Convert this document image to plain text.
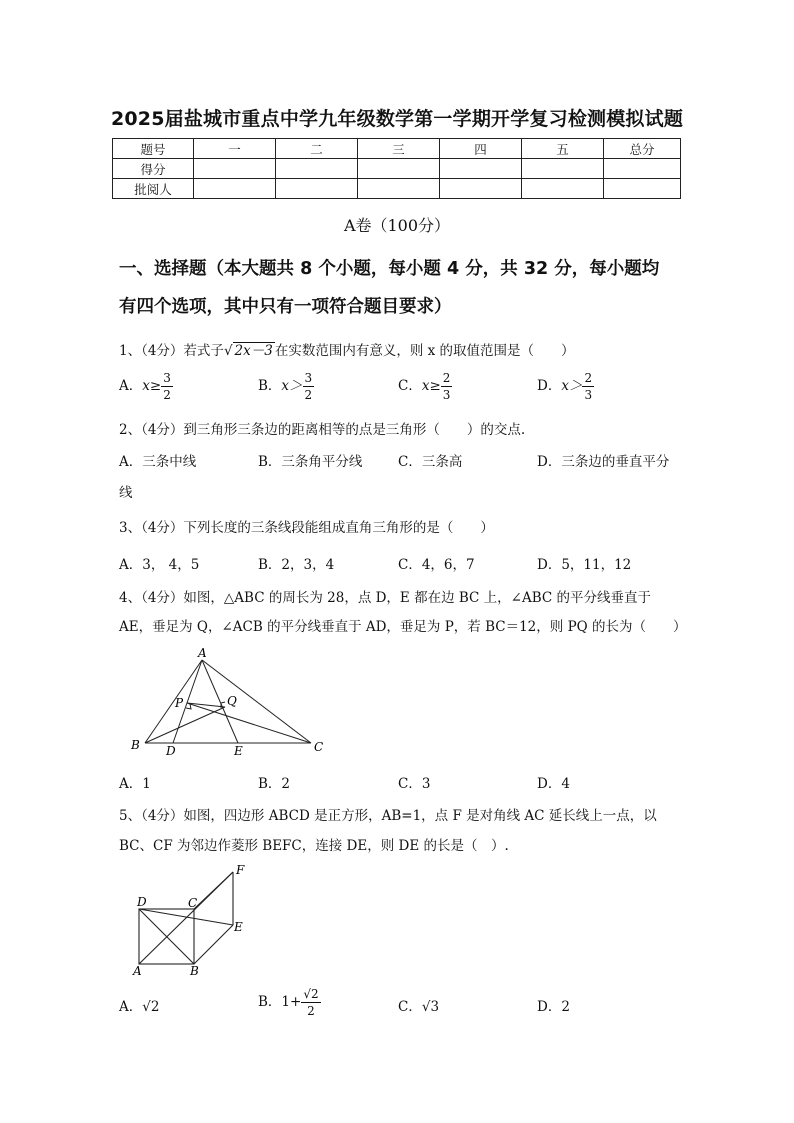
2025届盐城市重点中学九年级数学第一学期开学复习检测模拟试题
题号	一	二	三	四	五	总分
得分						
批阅人						
A卷（100分）
一、选择题（本大题共 8 个小题，每小题 4 分，共 32 分，每小题均
有四个选项，其中只有一项符合题目要求）
1、（4分）若式子√ 2x－3 在实数范围内有意义，则 x 的取值范围是（　　）
A．$x\ge \frac{3}{2}$	B．$x> \frac{3}{2}$	C．$x\ge \frac{2}{3}$	D．$x> \frac{2}{3}$
2、（4分）到三角形三条边的距离相等的点是三角形（　　）的交点.
A．三条中线	B．三条角平分线	C．三条高	D．三条边的垂直平分
线
3、（4分）下列长度的三条线段能组成直角三角形的是（　　）
A．3， 4，5	B．2，3，4	C．4，6，7	D．5，11，12
4、（4分）如图，△ABC 的周长为 28，点 D，E 都在边 BC 上，∠ABC 的平分线垂直于
AE，垂足为 Q，∠ACB 的平分线垂直于 AD，垂足为 P，若 BC＝12，则 PQ 的长为（　　）
A
B	C
D	E
P	Q
A．1	B．2	C．3	D．4
5、（4分）如图，四边形 ABCD 是正方形，AB=1，点 F 是对角线 AC 延长线上一点，以
BC、CF 为邻边作菱形 BEFC，连接 DE，则 DE 的长是（　）.
A	B
C
D
E
F
A．√2	B．$1+ \frac{√2}{2}$	C．√3	D．2
